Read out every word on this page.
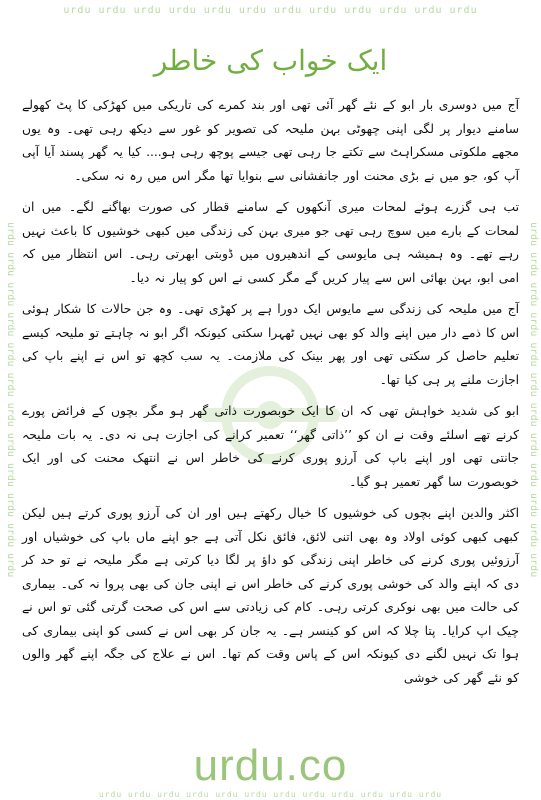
urdu urdu urdu urdu urdu urdu urdu urdu urdu urdu urdu urdu
urdu urdu urdu urdu urdu urdu urdu urdu urdu urdu urdu urdu	urdu urdu urdu urdu urdu urdu urdu urdu urdu urdu urdu urdu
ایک خواب کی خاطر

آج میں دوسری بار ابو کے نئے گھر آئی تھی اور بند کمرے کی تاریکی میں کھڑکی کا پٹ کھولے سامنے دیوار پر لگی اپنی چھوٹی بہن ملیحہ کی تصویر کو غور سے دیکھ رہی تھی۔ وہ یوں مجھے ملکوتی مسکراہٹ سے تکتے جا رہی تھی جیسے پوچھ رہی ہو.... کیا یہ گھر پسند آیا آپی آپ کو، جو میں نے بڑی محنت اور جانفشانی سے بنوایا تھا مگر اس میں رہ نہ سکی۔

تب ہی گزرے ہوئے لمحات میری آنکھوں کے سامنے قطار کی صورت بھاگنے لگے۔ میں ان لمحات کے بارے میں سوچ رہی تھی جو میری بہن کی زندگی میں کبھی خوشیوں کا باعث نہیں رہے تھے۔ وہ ہمیشہ ہی مایوسی کے اندھیروں میں ڈوبتی ابھرتی رہی۔ اس انتظار میں کہ امی ابو، بہن بھائی اس سے پیار کریں گے مگر کسی نے اس کو پیار نہ دیا۔

آج میں ملیحہ کی زندگی سے مایوس ایک دورا ہے پر کھڑی تھی۔ وہ جن حالات کا شکار ہوئی اس کا ذمے دار میں اپنے والد کو بھی نہیں ٹھہرا سکتی کیونکہ اگر ابو نہ چاہتے تو ملیحہ کیسے تعلیم حاصل کر سکتی تھی اور پھر بینک کی ملازمت۔ یہ سب کچھ تو اس نے اپنے باپ کی اجازت ملنے پر ہی کیا تھا۔

ابو کی شدید خواہش تھی کہ ان کا ایک خوبصورت ذاتی گھر ہو مگر بچوں کے فرائض پورے کرنے تھے اسلئے وقت نے ان کو ’’ذاتی گھر‘‘ تعمیر کرانے کی اجازت ہی نہ دی۔ یہ بات ملیحہ جانتی تھی اور اپنے باپ کی آرزو پوری کرنے کی خاطر اس نے انتھک محنت کی اور ایک خوبصورت سا گھر تعمیر ہو گیا۔

اکثر والدین اپنے بچوں کی خوشیوں کا خیال رکھتے ہیں اور ان کی آرزو پوری کرتے ہیں لیکن کبھی کبھی کوئی اولاد وہ بھی اتنی لائق، فائق نکل آتی ہے جو اپنے ماں باپ کی خوشیاں اور آرزوئیں پوری کرنے کی خاطر اپنی زندگی کو داؤ پر لگا دیا کرتی ہے مگر ملیحہ نے تو حد کر دی کہ اپنے والد کی خوشی پوری کرنے کی خاطر اس نے اپنی جان کی بھی پروا نہ کی۔ بیماری کی حالت میں بھی نوکری کرتی رہی۔ کام کی زیادتی سے اس کی صحت گرتی گئی تو اس نے چیک اپ کرایا۔ پتا چلا کہ اس کو کینسر ہے۔ یہ جان کر بھی اس نے کسی کو اپنی بیماری کی ہوا تک نہیں لگنے دی کیونکہ اس کے پاس وقت کم تھا۔ اس نے علاج کی جگہ اپنے گھر والوں کو نئے گھر کی خوشی

urdu urdu urdu urdu urdu urdu urdu urdu urdu urdu urdu urdu
urdu.co
